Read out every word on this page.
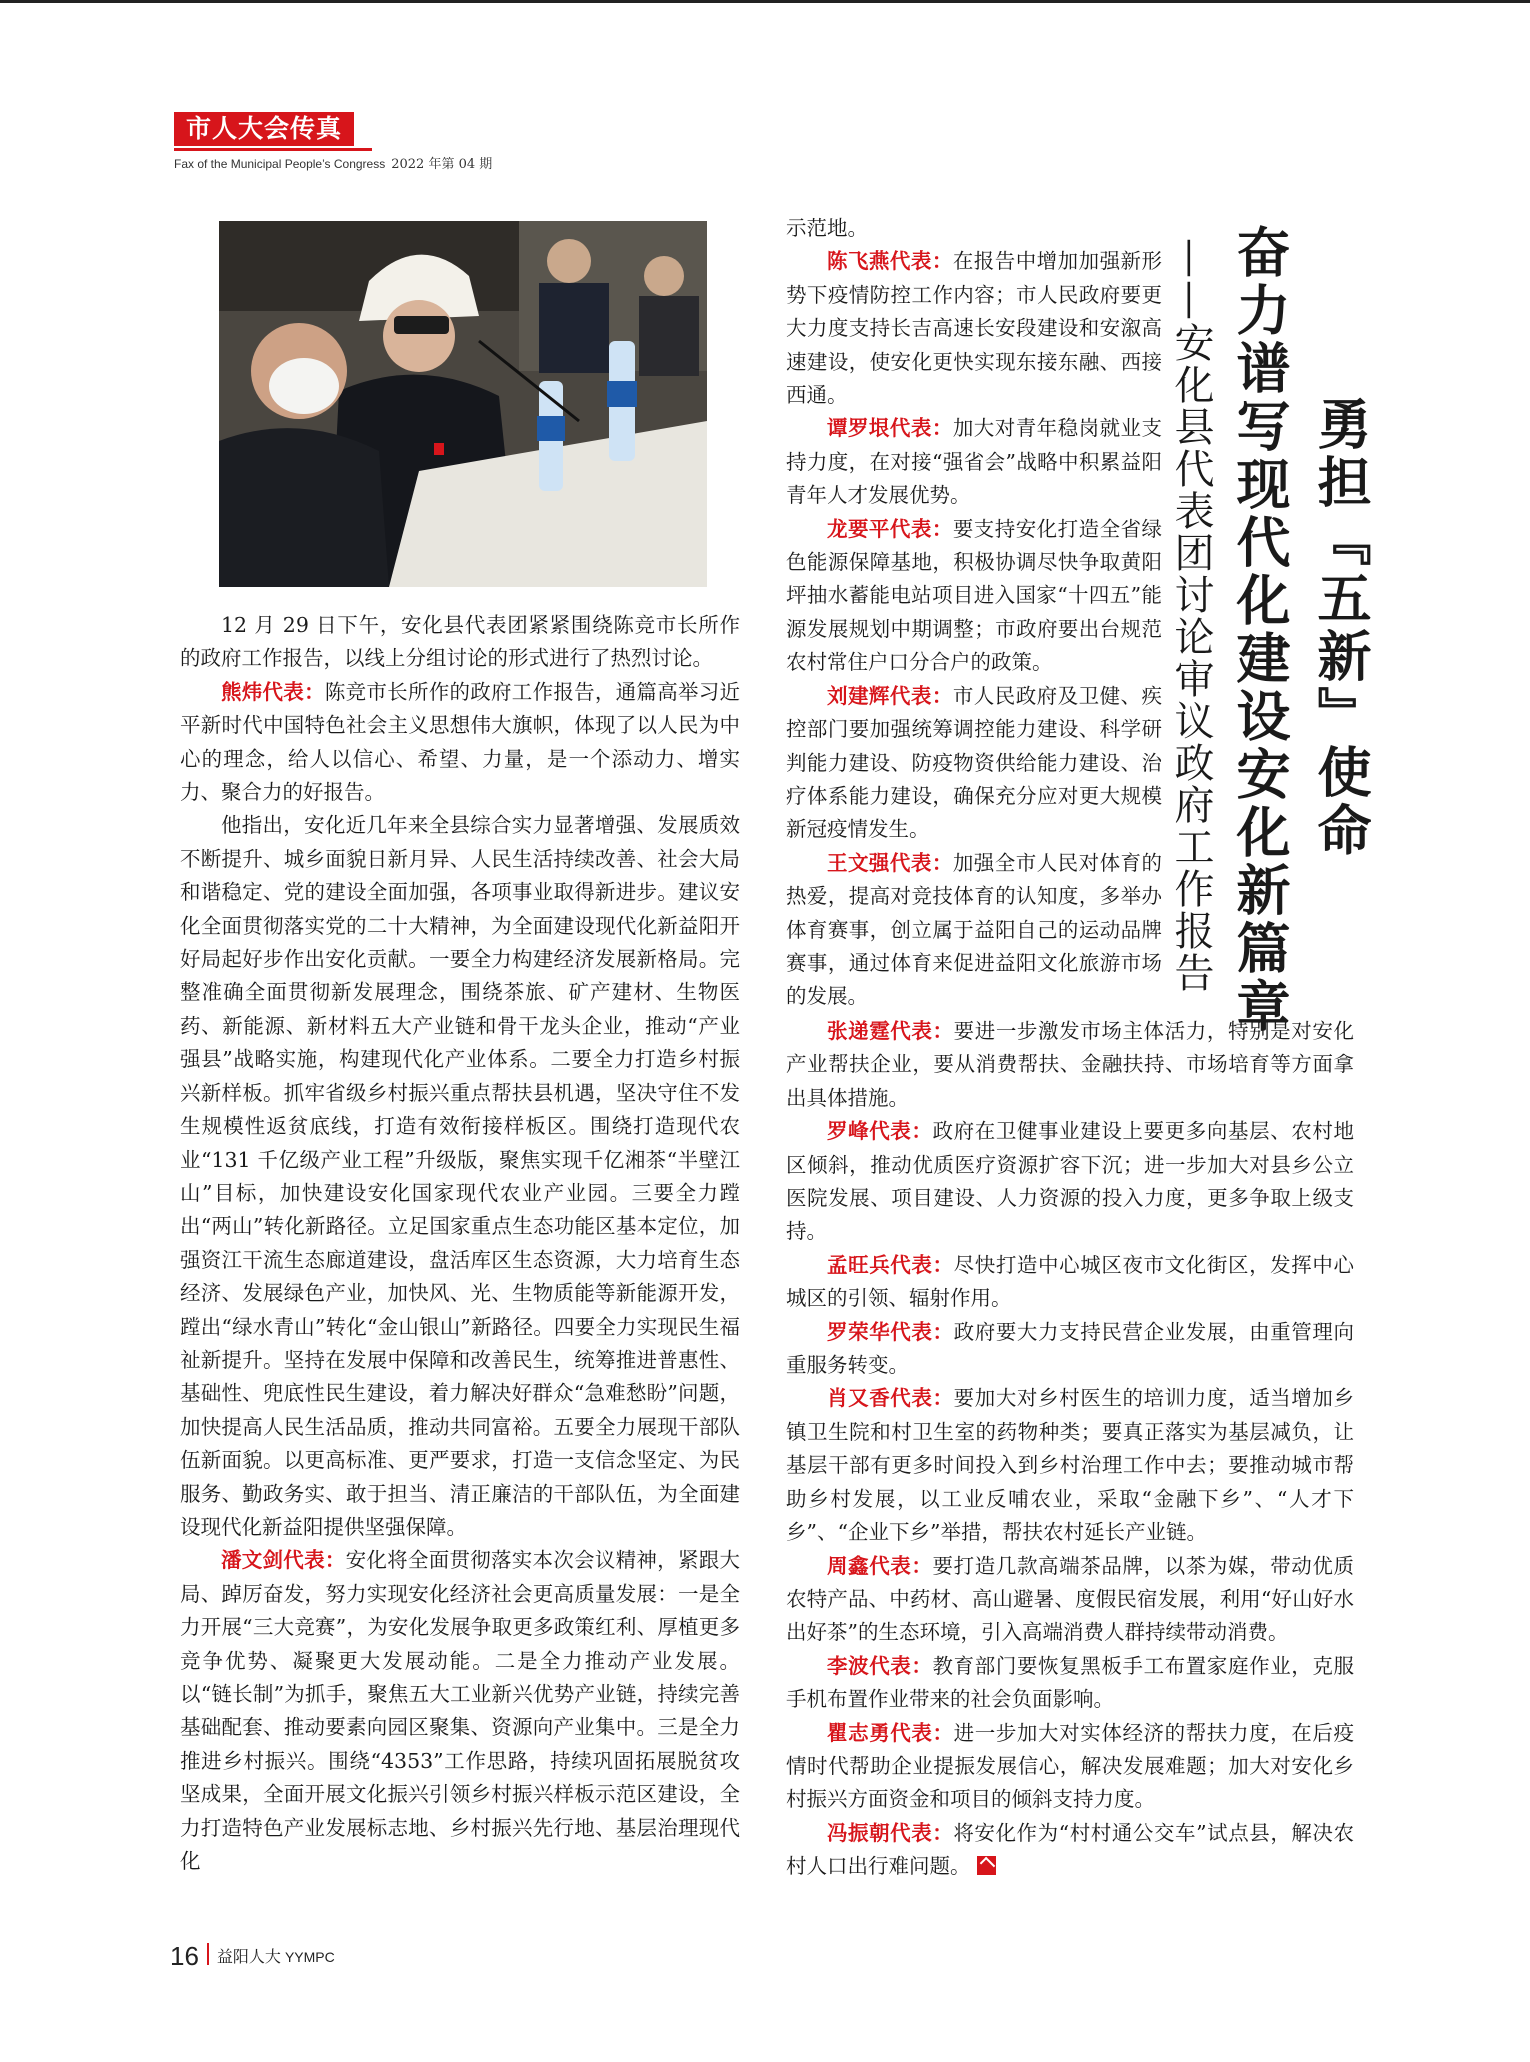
市人大会传真
Fax of the Municipal People’s Congress 2022 年第 04 期
勇担『五新』使命
奋力谱写现代化建设安化新篇章
——安化县代表团讨论审议政府工作报告

12 月 29 日下午，安化县代表团紧紧围绕陈竞市长所作的政府工作报告，以线上分组讨论的形式进行了热烈讨论。

熊炜代表：陈竞市长所作的政府工作报告，通篇高举习近平新时代中国特色社会主义思想伟大旗帜，体现了以人民为中心的理念，给人以信心、希望、力量，是一个添动力、增实力、聚合力的好报告。

他指出，安化近几年来全县综合实力显著增强、发展质效不断提升、城乡面貌日新月异、人民生活持续改善、社会大局和谐稳定、党的建设全面加强，各项事业取得新进步。建议安化全面贯彻落实党的二十大精神，为全面建设现代化新益阳开好局起好步作出安化贡献。一要全力构建经济发展新格局。完整准确全面贯彻新发展理念，围绕茶旅、矿产建材、生物医药、新能源、新材料五大产业链和骨干龙头企业，推动“产业强县”战略实施，构建现代化产业体系。二要全力打造乡村振兴新样板。抓牢省级乡村振兴重点帮扶县机遇，坚决守住不发生规模性返贫底线，打造有效衔接样板区。围绕打造现代农业“131 千亿级产业工程”升级版，聚焦实现千亿湘茶“半壁江山”目标，加快建设安化国家现代农业产业园。三要全力蹚出“两山”转化新路径。立足国家重点生态功能区基本定位，加强资江干流生态廊道建设，盘活库区生态资源，大力培育生态经济、发展绿色产业，加快风、光、生物质能等新能源开发，蹚出“绿水青山”转化“金山银山”新路径。四要全力实现民生福祉新提升。坚持在发展中保障和改善民生，统筹推进普惠性、基础性、兜底性民生建设，着力解决好群众“急难愁盼”问题，加快提高人民生活品质，推动共同富裕。五要全力展现干部队伍新面貌。以更高标准、更严要求，打造一支信念坚定、为民服务、勤政务实、敢于担当、清正廉洁的干部队伍，为全面建设现代化新益阳提供坚强保障。

潘文剑代表：安化将全面贯彻落实本次会议精神，紧跟大局、踔厉奋发，努力实现安化经济社会更高质量发展：一是全力开展“三大竞赛”，为安化发展争取更多政策红利、厚植更多竞争优势、凝聚更大发展动能。二是全力推动产业发展。以“链长制”为抓手，聚焦五大工业新兴优势产业链，持续完善基础配套、推动要素向园区聚集、资源向产业集中。三是全力推进乡村振兴。围绕“4353”工作思路，持续巩固拓展脱贫攻坚成果，全面开展文化振兴引领乡村振兴样板示范区建设，全力打造特色产业发展标志地、乡村振兴先行地、基层治理现代化

示范地。

陈飞燕代表：在报告中增加加强新形势下疫情防控工作内容；市人民政府要更大力度支持长吉高速长安段建设和安溆高速建设，使安化更快实现东接东融、西接西通。

谭罗垠代表：加大对青年稳岗就业支持力度，在对接“强省会”战略中积累益阳青年人才发展优势。

龙要平代表：要支持安化打造全省绿色能源保障基地，积极协调尽快争取黄阳坪抽水蓄能电站项目进入国家“十四五”能源发展规划中期调整；市政府要出台规范农村常住户口分合户的政策。

刘建辉代表：市人民政府及卫健、疾控部门要加强统筹调控能力建设、科学研判能力建设、防疫物资供给能力建设、治疗体系能力建设，确保充分应对更大规模新冠疫情发生。

王文强代表：加强全市人民对体育的热爱，提高对竞技体育的认知度，多举办体育赛事，创立属于益阳自己的运动品牌赛事，通过体育来促进益阳文化旅游市场的发展。

张递霆代表：要进一步激发市场主体活力，特别是对安化产业帮扶企业，要从消费帮扶、金融扶持、市场培育等方面拿出具体措施。

罗峰代表：政府在卫健事业建设上要更多向基层、农村地区倾斜，推动优质医疗资源扩容下沉；进一步加大对县乡公立医院发展、项目建设、人力资源的投入力度，更多争取上级支持。

孟旺兵代表：尽快打造中心城区夜市文化街区，发挥中心城区的引领、辐射作用。

罗荣华代表：政府要大力支持民营企业发展，由重管理向重服务转变。

肖又香代表：要加大对乡村医生的培训力度，适当增加乡镇卫生院和村卫生室的药物种类；要真正落实为基层减负，让基层干部有更多时间投入到乡村治理工作中去；要推动城市帮助乡村发展，以工业反哺农业，采取“金融下乡”、“人才下乡”、“企业下乡”举措，帮扶农村延长产业链。

周鑫代表：要打造几款高端茶品牌，以茶为媒，带动优质农特产品、中药材、高山避暑、度假民宿发展，利用“好山好水出好茶”的生态环境，引入高端消费人群持续带动消费。

李波代表：教育部门要恢复黑板手工布置家庭作业，克服手机布置作业带来的社会负面影响。

瞿志勇代表：进一步加大对实体经济的帮扶力度，在后疫情时代帮助企业提振发展信心，解决发展难题；加大对安化乡村振兴方面资金和项目的倾斜支持力度。

冯振朝代表：将安化作为“村村通公交车”试点县，解决农村人口出行难问题。

16 益阳人大 YYMPC
